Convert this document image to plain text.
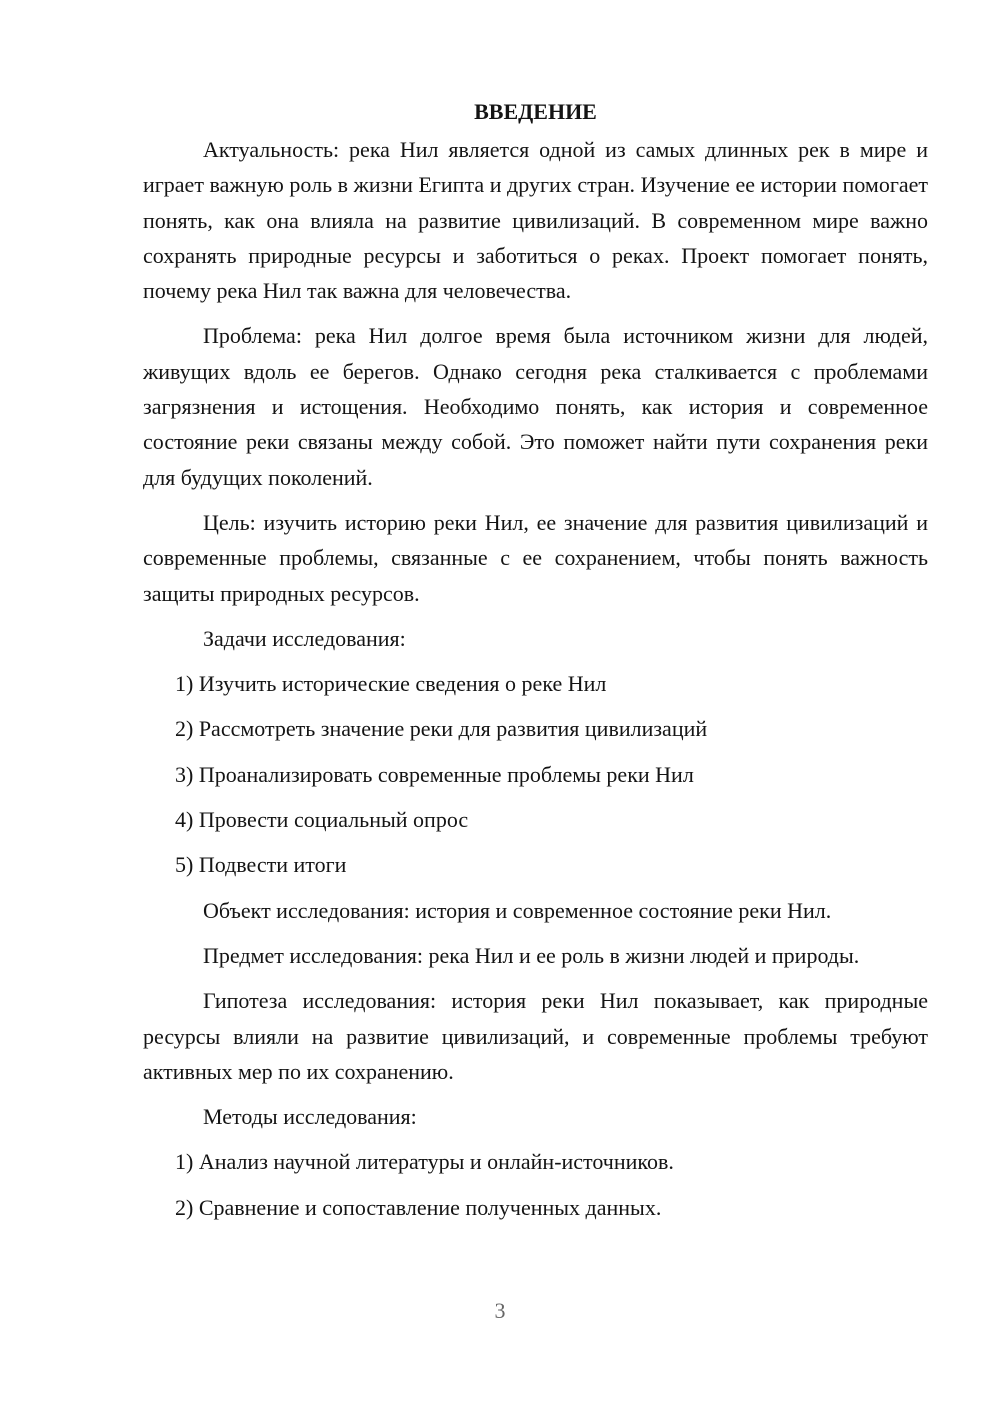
ВВЕДЕНИЕ

Актуальность: река Нил является одной из самых длинных рек в мире и играет важную роль в жизни Египта и других стран. Изучение ее истории помогает понять, как она влияла на развитие цивилизаций. В современном мире важно сохранять природные ресурсы и заботиться о реках. Проект помогает понять, почему река Нил так важна для человечества.

Проблема: река Нил долгое время была источником жизни для людей, живущих вдоль ее берегов. Однако сегодня река сталкивается с проблемами загрязнения и истощения. Необходимо понять, как история и современное состояние реки связаны между собой. Это поможет найти пути сохранения реки для будущих поколений.

Цель: изучить историю реки Нил, ее значение для развития цивилизаций и современные проблемы, связанные с ее сохранением, чтобы понять важность защиты природных ресурсов.

Задачи исследования:

1) Изучить исторические сведения о реке Нил
2) Рассмотреть значение реки для развития цивилизаций
3) Проанализировать современные проблемы реки Нил
4) Провести социальный опрос
5) Подвести итоги

Объект исследования: история и современное состояние реки Нил.

Предмет исследования: река Нил и ее роль в жизни людей и природы.

Гипотеза исследования: история реки Нил показывает, как природные ресурсы влияли на развитие цивилизаций, и современные проблемы требуют активных мер по их сохранению.

Методы исследования:

1) Анализ научной литературы и онлайн-источников.
2) Сравнение и сопоставление полученных данных.
3
